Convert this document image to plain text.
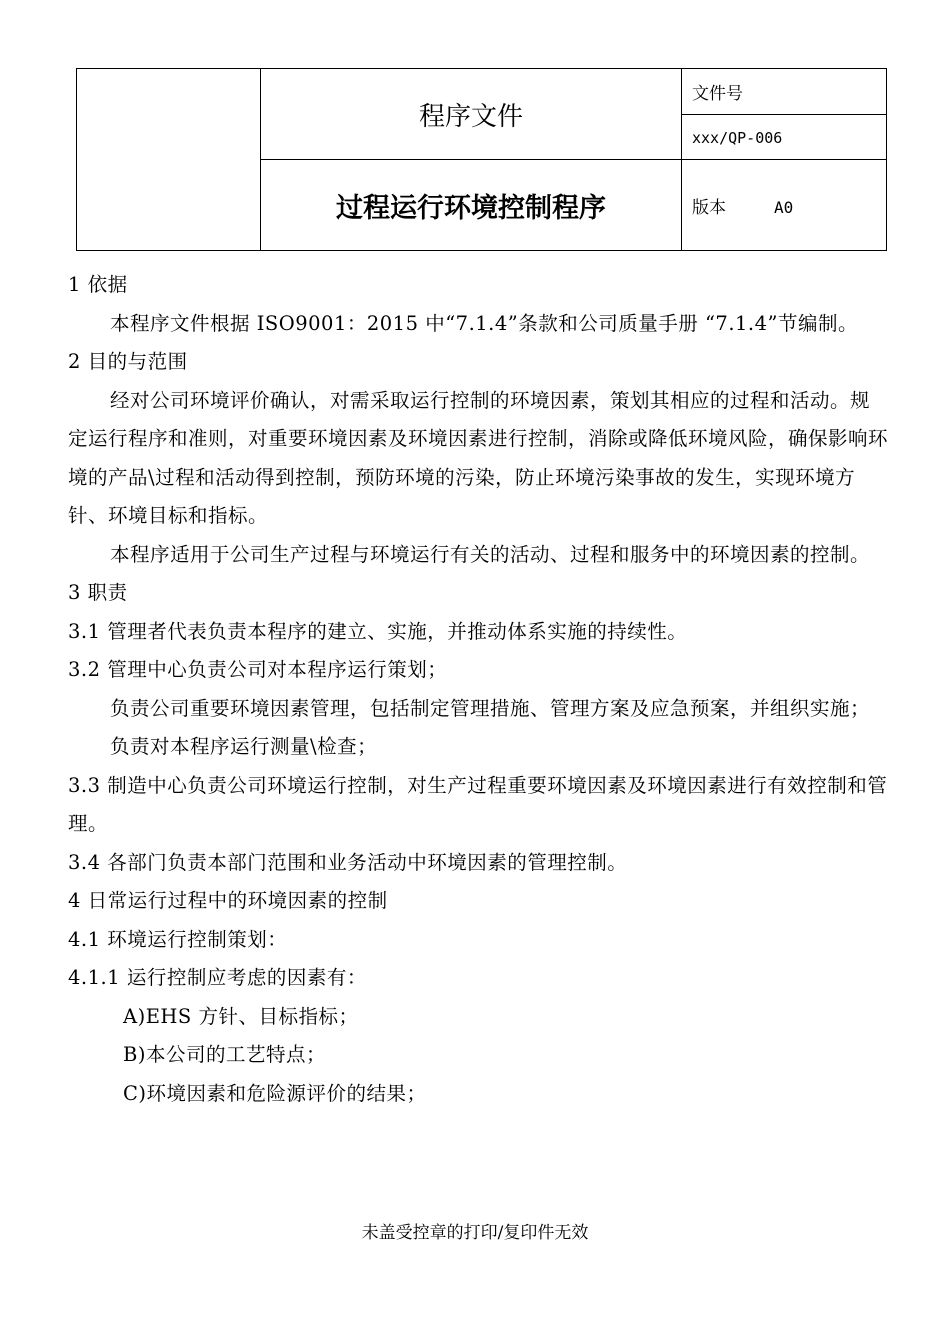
	程序文件	文件号
		xxx/QP-006
	过程运行环境控制程序	版本 A0

1 依据

本程序文件根据 ISO9001：2015 中“7.1.4”条款和公司质量手册 “7.1.4”节编制。

2 目的与范围

经对公司环境评价确认，对需采取运行控制的环境因素，策划其相应的过程和活动。规定运行程序和准则，对重要环境因素及环境因素进行控制，消除或降低环境风险，确保影响环境的产品\过程和活动得到控制，预防环境的污染，防止环境污染事故的发生，实现环境方针、环境目标和指标。

本程序适用于公司生产过程与环境运行有关的活动、过程和服务中的环境因素的控制。

3 职责

3.1 管理者代表负责本程序的建立、实施，并推动体系实施的持续性。

3.2 管理中心负责公司对本程序运行策划；

负责公司重要环境因素管理，包括制定管理措施、管理方案及应急预案，并组织实施；

负责对本程序运行测量\检查；

3.3 制造中心负责公司环境运行控制，对生产过程重要环境因素及环境因素进行有效控制和管理。

3.4 各部门负责本部门范围和业务活动中环境因素的管理控制。

4 日常运行过程中的环境因素的控制

4.1 环境运行控制策划：

4.1.1 运行控制应考虑的因素有：

A)EHS 方针、目标指标；

B)本公司的工艺特点；

C)环境因素和危险源评价的结果；

未盖受控章的打印/复印件无效
